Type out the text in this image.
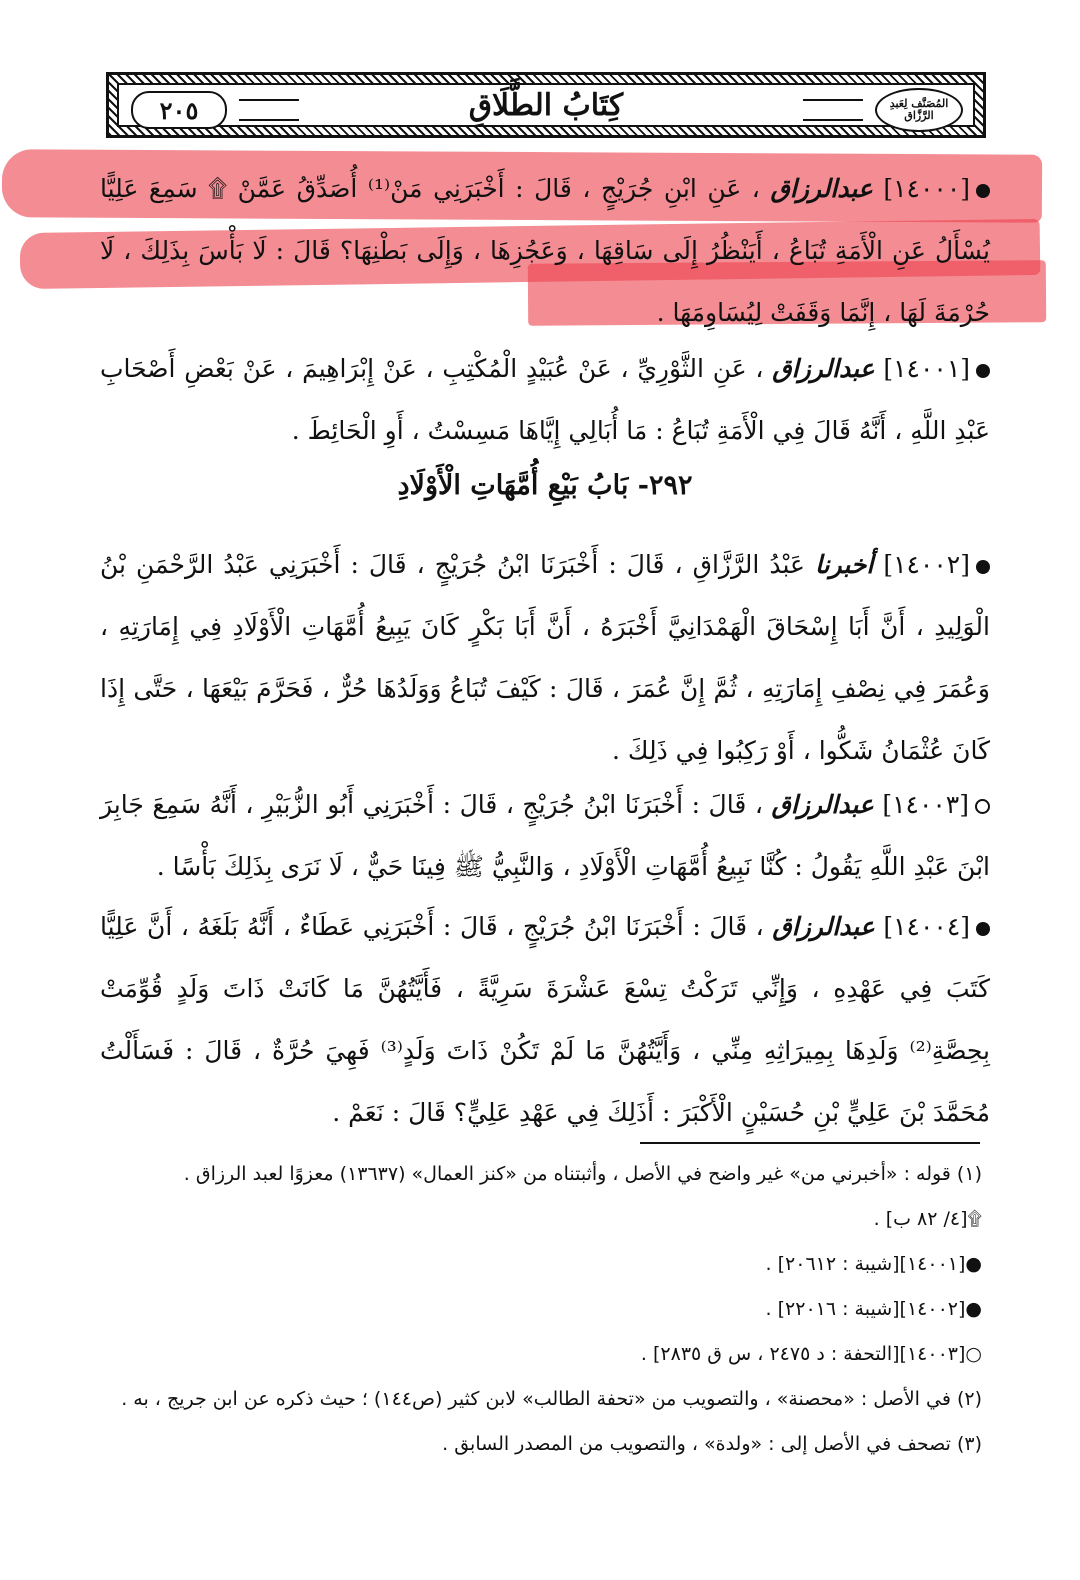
٢٠٥	كِتَابُ الطَّلَاقِ	المُصَنَّف لِعَبدِ الرَّزَّاق
[١٤٠٠٠] عبدالرزاق ، عَنِ ابْنِ جُرَيْجٍ ، قَالَ : أَخْبَرَنِي مَنْ⁽¹⁾ أُصَدِّقُ عَمَّنْ ۩ سَمِعَ عَلِيًّا يُسْأَلُ عَنِ الْأَمَةِ تُبَاعُ ، أَيَنْظُرُ إِلَى سَاقِهَا ، وَعَجُزِهَا ، وَإِلَى بَطْنِهَا؟ قَالَ : لَا بَأْسَ بِذَلِكَ ، لَا حُرْمَةَ لَهَا ، إِنَّمَا وَقَفَتْ لِيُسَاوِمَهَا .
[١٤٠٠١] عبدالرزاق ، عَنِ الثَّوْرِيِّ ، عَنْ عُبَيْدٍ الْمُكْتِبِ ، عَنْ إِبْرَاهِيمَ ، عَنْ بَعْضِ أَصْحَابِ عَبْدِ اللَّهِ ، أَنَّهُ قَالَ فِي الْأَمَةِ تُبَاعُ : مَا أُبَالِي إِيَّاهَا مَسِسْتُ ، أَوِ الْحَائِطَ .
٢٩٢- بَابُ بَيْعِ أُمَّهَاتِ الْأَوْلَادِ
[١٤٠٠٢] أخبرنا عَبْدُ الرَّزَّاقِ ، قَالَ : أَخْبَرَنَا ابْنُ جُرَيْجٍ ، قَالَ : أَخْبَرَنِي عَبْدُ الرَّحْمَنِ بْنُ الْوَلِيدِ ، أَنَّ أَبَا إِسْحَاقَ الْهَمْدَانِيَّ أَخْبَرَهُ ، أَنَّ أَبَا بَكْرٍ كَانَ يَبِيعُ أُمَّهَاتِ الْأَوْلَادِ فِي إِمَارَتِهِ ، وَعُمَرَ فِي نِصْفِ إِمَارَتِهِ ، ثُمَّ إِنَّ عُمَرَ ، قَالَ : كَيْفَ تُبَاعُ وَوَلَدُهَا حُرٌّ ، فَحَرَّمَ بَيْعَهَا ، حَتَّى إِذَا كَانَ عُثْمَانُ شَكُّوا ، أَوْ رَكِبُوا فِي ذَلِكَ .
[١٤٠٠٣] عبدالرزاق ، قَالَ : أَخْبَرَنَا ابْنُ جُرَيْجٍ ، قَالَ : أَخْبَرَنِي أَبُو الزُّبَيْرِ ، أَنَّهُ سَمِعَ جَابِرَ ابْنَ عَبْدِ اللَّهِ يَقُولُ : كُنَّا نَبِيعُ أُمَّهَاتِ الْأَوْلَادِ ، وَالنَّبِيُّ ﷺ فِينَا حَيٌّ ، لَا نَرَى بِذَلِكَ بَأْسًا .
[١٤٠٠٤] عبدالرزاق ، قَالَ : أَخْبَرَنَا ابْنُ جُرَيْجٍ ، قَالَ : أَخْبَرَنِي عَطَاءٌ ، أَنَّهُ بَلَغَهُ ، أَنَّ عَلِيًّا كَتَبَ فِي عَهْدِهِ ، وَإِنِّي تَرَكْتُ تِسْعَ عَشْرَةَ سَرِيَّةً ، فَأَيَّتُهُنَّ مَا كَانَتْ ذَاتَ وَلَدٍ قُوِّمَتْ بِحِصَّةِ⁽²⁾ وَلَدِهَا بِمِيرَاثِهِ مِنِّي ، وَأَيَّتُهُنَّ مَا لَمْ تَكُنْ ذَاتَ وَلَدٍ⁽³⁾ فَهِيَ حُرَّةٌ ، قَالَ : فَسَأَلْتُ مُحَمَّدَ بْنَ عَلِيٍّ بْنِ حُسَيْنٍ الْأَكْبَرَ : أَذَلِكَ فِي عَهْدِ عَلِيٍّ؟ قَالَ : نَعَمْ .

(١) قوله : «أخبرني من» غير واضح في الأصل ، وأثبتناه من «كنز العمال» (١٣٦٣٧) معزوًا لعبد الرزاق .

۩[٤/ ٨٢ ب] .

●[١٤٠٠١][شيبة : ٢٠٦١٢] .

●[١٤٠٠٢][شيبة : ٢٢٠١٦] .

○[١٤٠٠٣][التحفة : د ٢٤٧٥ ، س ق ٢٨٣٥] .

(٢) في الأصل : «محصنة» ، والتصويب من «تحفة الطالب» لابن كثير (ص١٤٤) ؛ حيث ذكره عن ابن جريج ، به .

(٣) تصحف في الأصل إلى : «ولدة» ، والتصويب من المصدر السابق .
